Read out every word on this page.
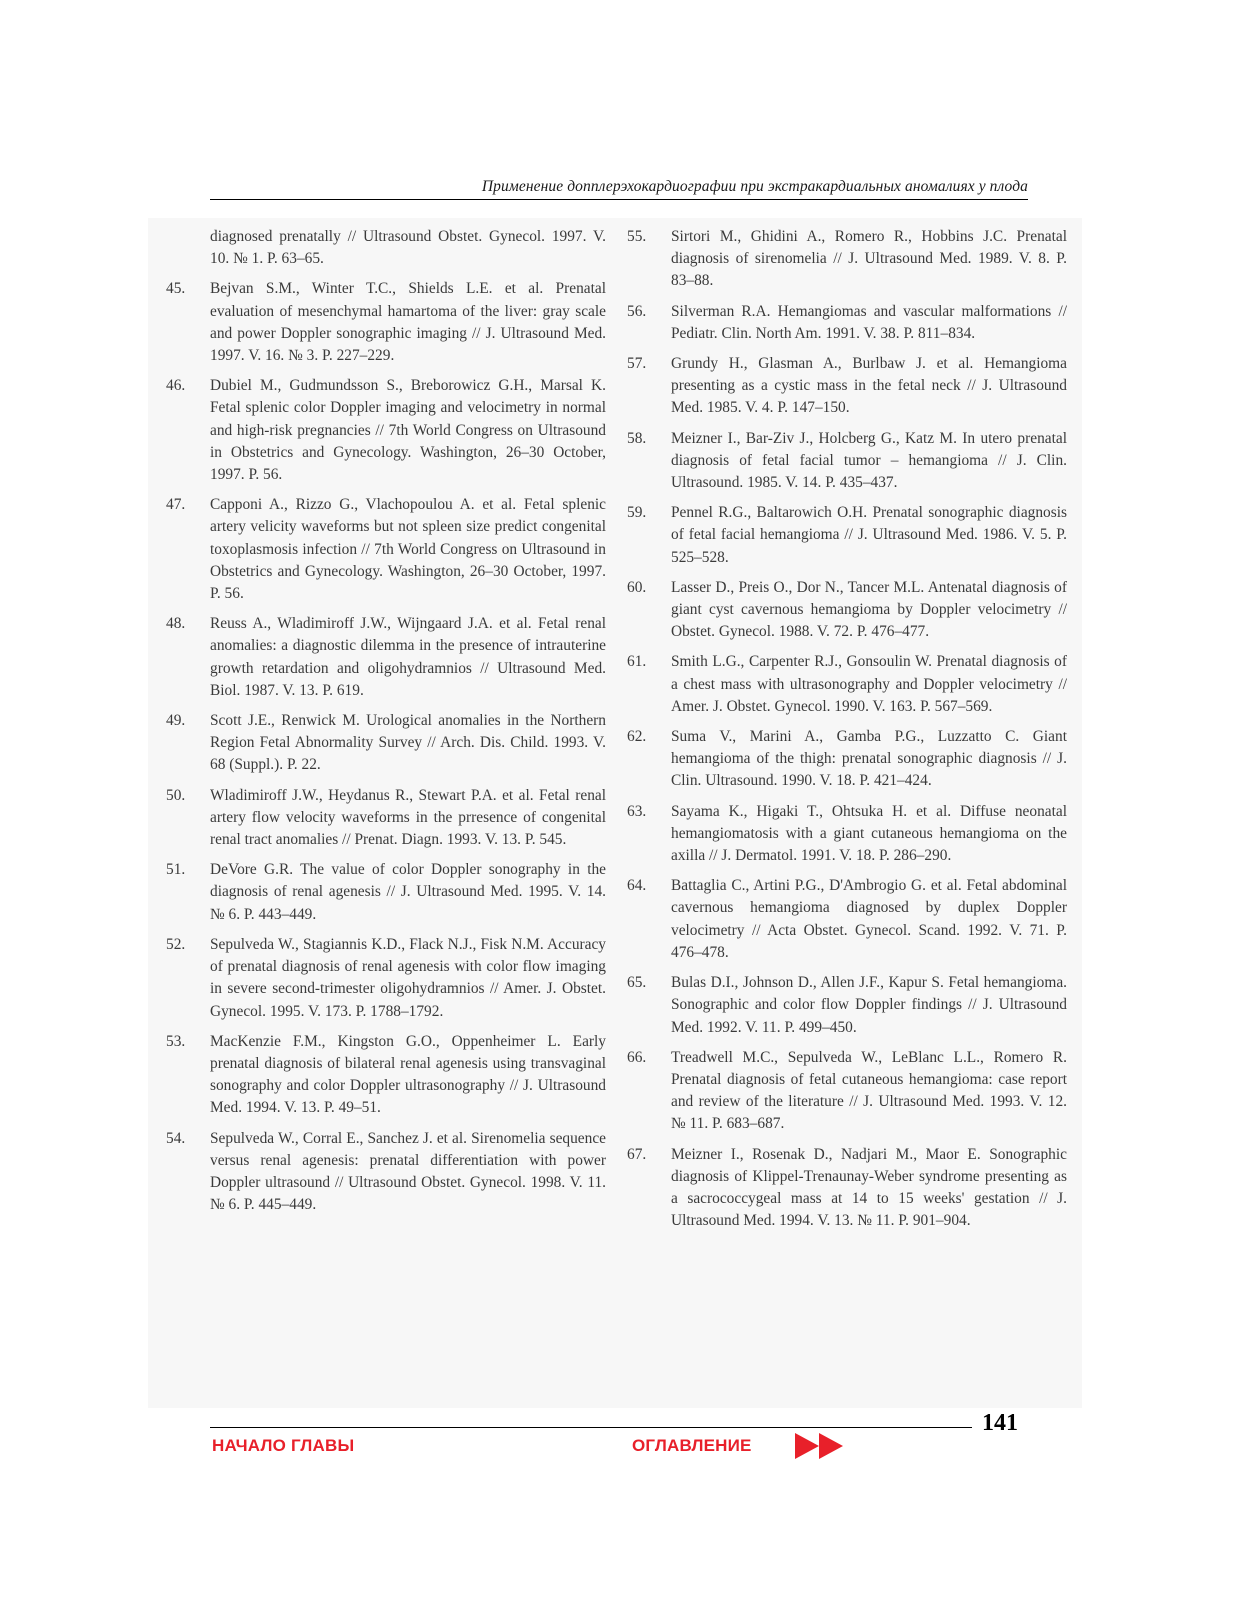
Применение допплерэхокардиографии при экстракардиальных аномалиях у плода
diagnosed prenatally // Ultrasound Obstet. Gynecol. 1997. V. 10. № 1. P. 63–65.
45.	Bejvan S.M., Winter T.C., Shields L.E. et al. Prenatal evaluation of mesenchymal hamartoma of the liver: gray scale and power Doppler sonographic imaging // J. Ultrasound Med. 1997. V. 16. № 3. P. 227–229.
46.	Dubiel M., Gudmundsson S., Breborowicz G.H., Marsal K. Fetal splenic color Doppler imaging and velocimetry in normal and high-risk pregnancies // 7th World Congress on Ultrasound in Obstetrics and Gynecology. Washington, 26–30 October, 1997. P. 56.
47.	Capponi A., Rizzo G., Vlachopoulou A. et al. Fetal splenic artery velicity waveforms but not spleen size predict congenital toxoplasmosis infection // 7th World Congress on Ultrasound in Obstetrics and Gynecology. Washington, 26–30 October, 1997. P. 56.
48.	Reuss A., Wladimiroff J.W., Wijngaard J.A. et al. Fetal renal anomalies: a diagnostic dilemma in the presence of intrauterine growth retardation and oligohydramnios // Ultrasound Med. Biol. 1987. V. 13. P. 619.
49.	Scott J.E., Renwick M. Urological anomalies in the Northern Region Fetal Abnormality Survey // Arch. Dis. Child. 1993. V. 68 (Suppl.). P. 22.
50.	Wladimiroff J.W., Heydanus R., Stewart P.A. et al. Fetal renal artery flow velocity waveforms in the prresence of congenital renal tract anomalies // Prenat. Diagn. 1993. V. 13. P. 545.
51.	DeVore G.R. The value of color Doppler sonography in the diagnosis of renal agenesis // J. Ultrasound Med. 1995. V. 14. № 6. P. 443–449.
52.	Sepulveda W., Stagiannis K.D., Flack N.J., Fisk N.M. Accuracy of prenatal diagnosis of renal agenesis with color flow imaging in severe second-trimester oligohydramnios // Amer. J. Obstet. Gynecol. 1995. V. 173. P. 1788–1792.
53.	MacKenzie F.M., Kingston G.O., Oppenheimer L. Early prenatal diagnosis of bilateral renal agenesis using transvaginal sonography and color Doppler ultrasonography // J. Ultrasound Med. 1994. V. 13. P. 49–51.
54.	Sepulveda W., Corral E., Sanchez J. et al. Sirenomelia sequence versus renal agenesis: prenatal differentiation with power Doppler ultrasound // Ultrasound Obstet. Gynecol. 1998. V. 11. № 6. P. 445–449.
55.	Sirtori M., Ghidini A., Romero R., Hobbins J.C. Prenatal diagnosis of sirenomelia // J. Ultrasound Med. 1989. V. 8. P. 83–88.
56.	Silverman R.A. Hemangiomas and vascular malformations // Pediatr. Clin. North Am. 1991. V. 38. P. 811–834.
57.	Grundy H., Glasman A., Burlbaw J. et al. Hemangioma presenting as a cystic mass in the fetal neck // J. Ultrasound Med. 1985. V. 4. P. 147–150.
58.	Meizner I., Bar-Ziv J., Holcberg G., Katz M. In utero prenatal diagnosis of fetal facial tumor – hemangioma // J. Clin. Ultrasound. 1985. V. 14. P. 435–437.
59.	Pennel R.G., Baltarowich O.H. Prenatal sonographic diagnosis of fetal facial hemangioma // J. Ultrasound Med. 1986. V. 5. P. 525–528.
60.	Lasser D., Preis O., Dor N., Tancer M.L. Antenatal diagnosis of giant cyst cavernous hemangioma by Doppler velocimetry // Obstet. Gynecol. 1988. V. 72. P. 476–477.
61.	Smith L.G., Carpenter R.J., Gonsoulin W. Prenatal diagnosis of a chest mass with ultrasonography and Doppler velocimetry // Amer. J. Obstet. Gynecol. 1990. V. 163. P. 567–569.
62.	Suma V., Marini A., Gamba P.G., Luzzatto C. Giant hemangioma of the thigh: prenatal sonographic diagnosis // J. Clin. Ultrasound. 1990. V. 18. P. 421–424.
63.	Sayama K., Higaki T., Ohtsuka H. et al. Diffuse neonatal hemangiomatosis with a giant cutaneous hemangioma on the axilla // J. Dermatol. 1991. V. 18. P. 286–290.
64.	Battaglia C., Artini P.G., D'Ambrogio G. et al. Fetal abdominal cavernous hemangioma diagnosed by duplex Doppler velocimetry // Acta Obstet. Gynecol. Scand. 1992. V. 71. P. 476–478.
65.	Bulas D.I., Johnson D., Allen J.F., Kapur S. Fetal hemangioma. Sonographic and color flow Doppler findings // J. Ultrasound Med. 1992. V. 11. P. 499–450.
66.	Treadwell M.C., Sepulveda W., LeBlanc L.L., Romero R. Prenatal diagnosis of fetal cutaneous hemangioma: case report and review of the literature // J. Ultrasound Med. 1993. V. 12. № 11. P. 683–687.
67.	Meizner I., Rosenak D., Nadjari M., Maor E. Sonographic diagnosis of Klippel-Trenaunay-Weber syndrome presenting as a sacrococcygeal mass at 14 to 15 weeks' gestation // J. Ultrasound Med. 1994. V. 13. № 11. P. 901–904.
141
НАЧАЛО ГЛАВЫ	ОГЛАВЛЕНИЕ
